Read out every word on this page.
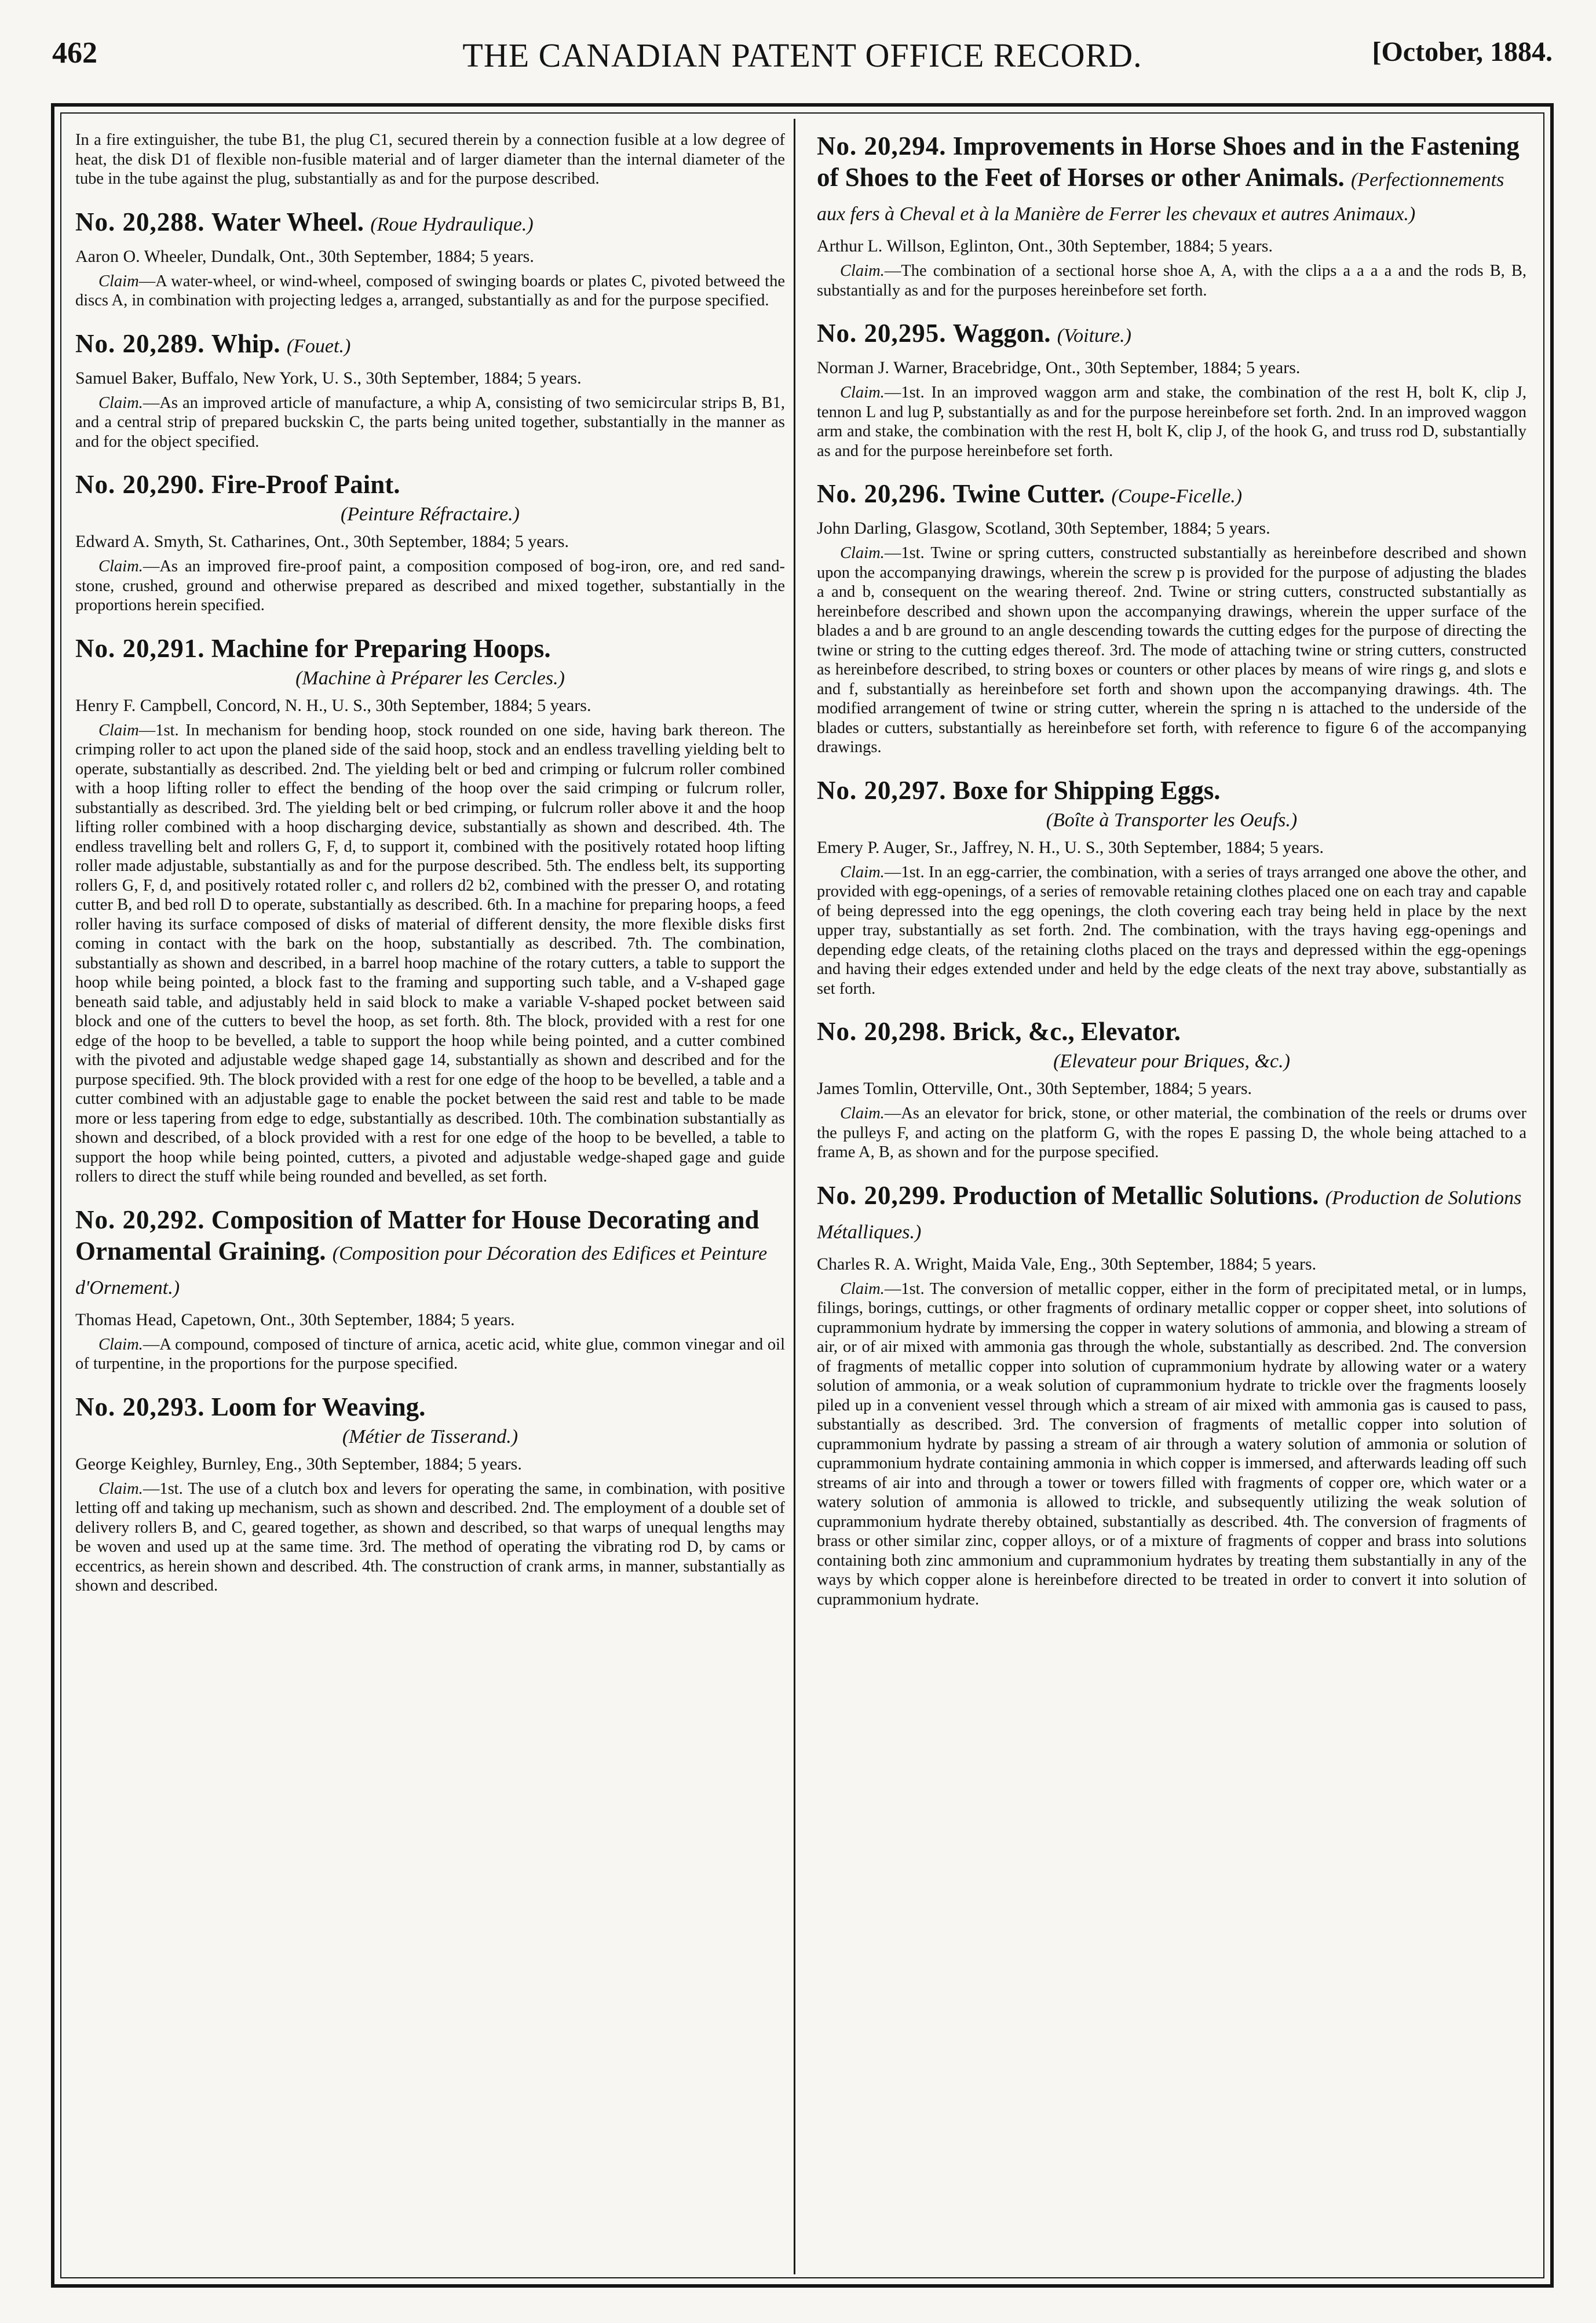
462	THE CANADIAN PATENT OFFICE RECORD.	[October, 1884.

In a fire extinguisher, the tube B1, the plug C1, secured therein by a connection fusible at a low degree of heat, the disk D1 of flexible non-fusible material and of larger diameter than the internal diameter of the tube in the tube against the plug, substantially as and for the purpose described.

No. 20,288. Water Wheel. (Roue Hydraulique.)

Aaron O. Wheeler, Dundalk, Ont., 30th September, 1884; 5 years.

Claim—A water-wheel, or wind-wheel, composed of swinging boards or plates C, pivoted betweed the discs A, in combination with projecting ledges a, arranged, substantially as and for the purpose specified.

No. 20,289. Whip. (Fouet.)

Samuel Baker, Buffalo, New York, U. S., 30th September, 1884; 5 years.

Claim.—As an improved article of manufacture, a whip A, consisting of two semicircular strips B, B1, and a central strip of prepared buckskin C, the parts being united together, substantially in the manner as and for the object specified.

No. 20,290. Fire-Proof Paint.
(Peinture Réfractaire.)

Edward A. Smyth, St. Catharines, Ont., 30th September, 1884; 5 years.

Claim.—As an improved fire-proof paint, a composition composed of bog-iron, ore, and red sand-stone, crushed, ground and otherwise prepared as described and mixed together, substantially in the proportions herein specified.

No. 20,291. Machine for Preparing Hoops.
(Machine à Préparer les Cercles.)

Henry F. Campbell, Concord, N. H., U. S., 30th September, 1884; 5 years.

Claim—1st. In mechanism for bending hoop, stock rounded on one side, having bark thereon. The crimping roller to act upon the planed side of the said hoop, stock and an endless travelling yielding belt to operate, substantially as described. 2nd. The yielding belt or bed and crimping or fulcrum roller combined with a hoop lifting roller to effect the bending of the hoop over the said crimping or fulcrum roller, substantially as described. 3rd. The yielding belt or bed crimping, or fulcrum roller above it and the hoop lifting roller combined with a hoop discharging device, substantially as shown and described. 4th. The endless travelling belt and rollers G, F, d, to support it, combined with the positively rotated hoop lifting roller made adjustable, substantially as and for the purpose described. 5th. The endless belt, its supporting rollers G, F, d, and positively rotated roller c, and rollers d2 b2, combined with the presser O, and rotating cutter B, and bed roll D to operate, substantially as described. 6th. In a machine for preparing hoops, a feed roller having its surface composed of disks of material of different density, the more flexible disks first coming in contact with the bark on the hoop, substantially as described. 7th. The combination, substantially as shown and described, in a barrel hoop machine of the rotary cutters, a table to support the hoop while being pointed, a block fast to the framing and supporting such table, and a V-shaped gage beneath said table, and adjustably held in said block to make a variable V-shaped pocket between said block and one of the cutters to bevel the hoop, as set forth. 8th. The block, provided with a rest for one edge of the hoop to be bevelled, a table to support the hoop while being pointed, and a cutter combined with the pivoted and adjustable wedge shaped gage 14, substantially as shown and described and for the purpose specified. 9th. The block provided with a rest for one edge of the hoop to be bevelled, a table and a cutter combined with an adjustable gage to enable the pocket between the said rest and table to be made more or less tapering from edge to edge, substantially as described. 10th. The combination substantially as shown and described, of a block provided with a rest for one edge of the hoop to be bevelled, a table to support the hoop while being pointed, cutters, a pivoted and adjustable wedge-shaped gage and guide rollers to direct the stuff while being rounded and bevelled, as set forth.

No. 20,292. Composition of Matter for House Decorating and Ornamental Graining. (Composition pour Décoration des Edifices et Peinture d'Ornement.)

Thomas Head, Capetown, Ont., 30th September, 1884; 5 years.

Claim.—A compound, composed of tincture of arnica, acetic acid, white glue, common vinegar and oil of turpentine, in the proportions for the purpose specified.

No. 20,293. Loom for Weaving.
(Métier de Tisserand.)

George Keighley, Burnley, Eng., 30th September, 1884; 5 years.

Claim.—1st. The use of a clutch box and levers for operating the same, in combination, with positive letting off and taking up mechanism, such as shown and described. 2nd. The employment of a double set of delivery rollers B, and C, geared together, as shown and described, so that warps of unequal lengths may be woven and used up at the same time. 3rd. The method of operating the vibrating rod D, by cams or eccentrics, as herein shown and described. 4th. The construction of crank arms, in manner, substantially as shown and described.

No. 20,294. Improvements in Horse Shoes and in the Fastening of Shoes to the Feet of Horses or other Animals. (Perfectionnements aux fers à Cheval et à la Manière de Ferrer les chevaux et autres Animaux.)

Arthur L. Willson, Eglinton, Ont., 30th September, 1884; 5 years.

Claim.—The combination of a sectional horse shoe A, A, with the clips a a a a and the rods B, B, substantially as and for the purposes hereinbefore set forth.

No. 20,295. Waggon. (Voiture.)

Norman J. Warner, Bracebridge, Ont., 30th September, 1884; 5 years.

Claim.—1st. In an improved waggon arm and stake, the combination of the rest H, bolt K, clip J, tennon L and lug P, substantially as and for the purpose hereinbefore set forth. 2nd. In an improved waggon arm and stake, the combination with the rest H, bolt K, clip J, of the hook G, and truss rod D, substantially as and for the purpose hereinbefore set forth.

No. 20,296. Twine Cutter. (Coupe-Ficelle.)

John Darling, Glasgow, Scotland, 30th September, 1884; 5 years.

Claim.—1st. Twine or spring cutters, constructed substantially as hereinbefore described and shown upon the accompanying drawings, wherein the screw p is provided for the purpose of adjusting the blades a and b, consequent on the wearing thereof. 2nd. Twine or string cutters, constructed substantially as hereinbefore described and shown upon the accompanying drawings, wherein the upper surface of the blades a and b are ground to an angle descending towards the cutting edges for the purpose of directing the twine or string to the cutting edges thereof. 3rd. The mode of attaching twine or string cutters, constructed as hereinbefore described, to string boxes or counters or other places by means of wire rings g, and slots e and f, substantially as hereinbefore set forth and shown upon the accompanying drawings. 4th. The modified arrangement of twine or string cutter, wherein the spring n is attached to the underside of the blades or cutters, substantially as hereinbefore set forth, with reference to figure 6 of the accompanying drawings.

No. 20,297. Boxe for Shipping Eggs.
(Boîte à Transporter les Oeufs.)

Emery P. Auger, Sr., Jaffrey, N. H., U. S., 30th September, 1884; 5 years.

Claim.—1st. In an egg-carrier, the combination, with a series of trays arranged one above the other, and provided with egg-openings, of a series of removable retaining clothes placed one on each tray and capable of being depressed into the egg openings, the cloth covering each tray being held in place by the next upper tray, substantially as set forth. 2nd. The combination, with the trays having egg-openings and depending edge cleats, of the retaining cloths placed on the trays and depressed within the egg-openings and having their edges extended under and held by the edge cleats of the next tray above, substantially as set forth.

No. 20,298. Brick, &c., Elevator.
(Elevateur pour Briques, &c.)

James Tomlin, Otterville, Ont., 30th September, 1884; 5 years.

Claim.—As an elevator for brick, stone, or other material, the combination of the reels or drums over the pulleys F, and acting on the platform G, with the ropes E passing D, the whole being attached to a frame A, B, as shown and for the purpose specified.

No. 20,299. Production of Metallic Solutions. (Production de Solutions Métalliques.)

Charles R. A. Wright, Maida Vale, Eng., 30th September, 1884; 5 years.

Claim.—1st. The conversion of metallic copper, either in the form of precipitated metal, or in lumps, filings, borings, cuttings, or other fragments of ordinary metallic copper or copper sheet, into solutions of cuprammonium hydrate by immersing the copper in watery solutions of ammonia, and blowing a stream of air, or of air mixed with ammonia gas through the whole, substantially as described. 2nd. The conversion of fragments of metallic copper into solution of cuprammonium hydrate by allowing water or a watery solution of ammonia, or a weak solution of cuprammonium hydrate to trickle over the fragments loosely piled up in a convenient vessel through which a stream of air mixed with ammonia gas is caused to pass, substantially as described. 3rd. The conversion of fragments of metallic copper into solution of cuprammonium hydrate by passing a stream of air through a watery solution of ammonia or solution of cuprammonium hydrate containing ammonia in which copper is immersed, and afterwards leading off such streams of air into and through a tower or towers filled with fragments of copper ore, which water or a watery solution of ammonia is allowed to trickle, and subsequently utilizing the weak solution of cuprammonium hydrate thereby obtained, substantially as described. 4th. The conversion of fragments of brass or other similar zinc, copper alloys, or of a mixture of fragments of copper and brass into solutions containing both zinc ammonium and cuprammonium hydrates by treating them substantially in any of the ways by which copper alone is hereinbefore directed to be treated in order to convert it into solution of cuprammonium hydrate.
